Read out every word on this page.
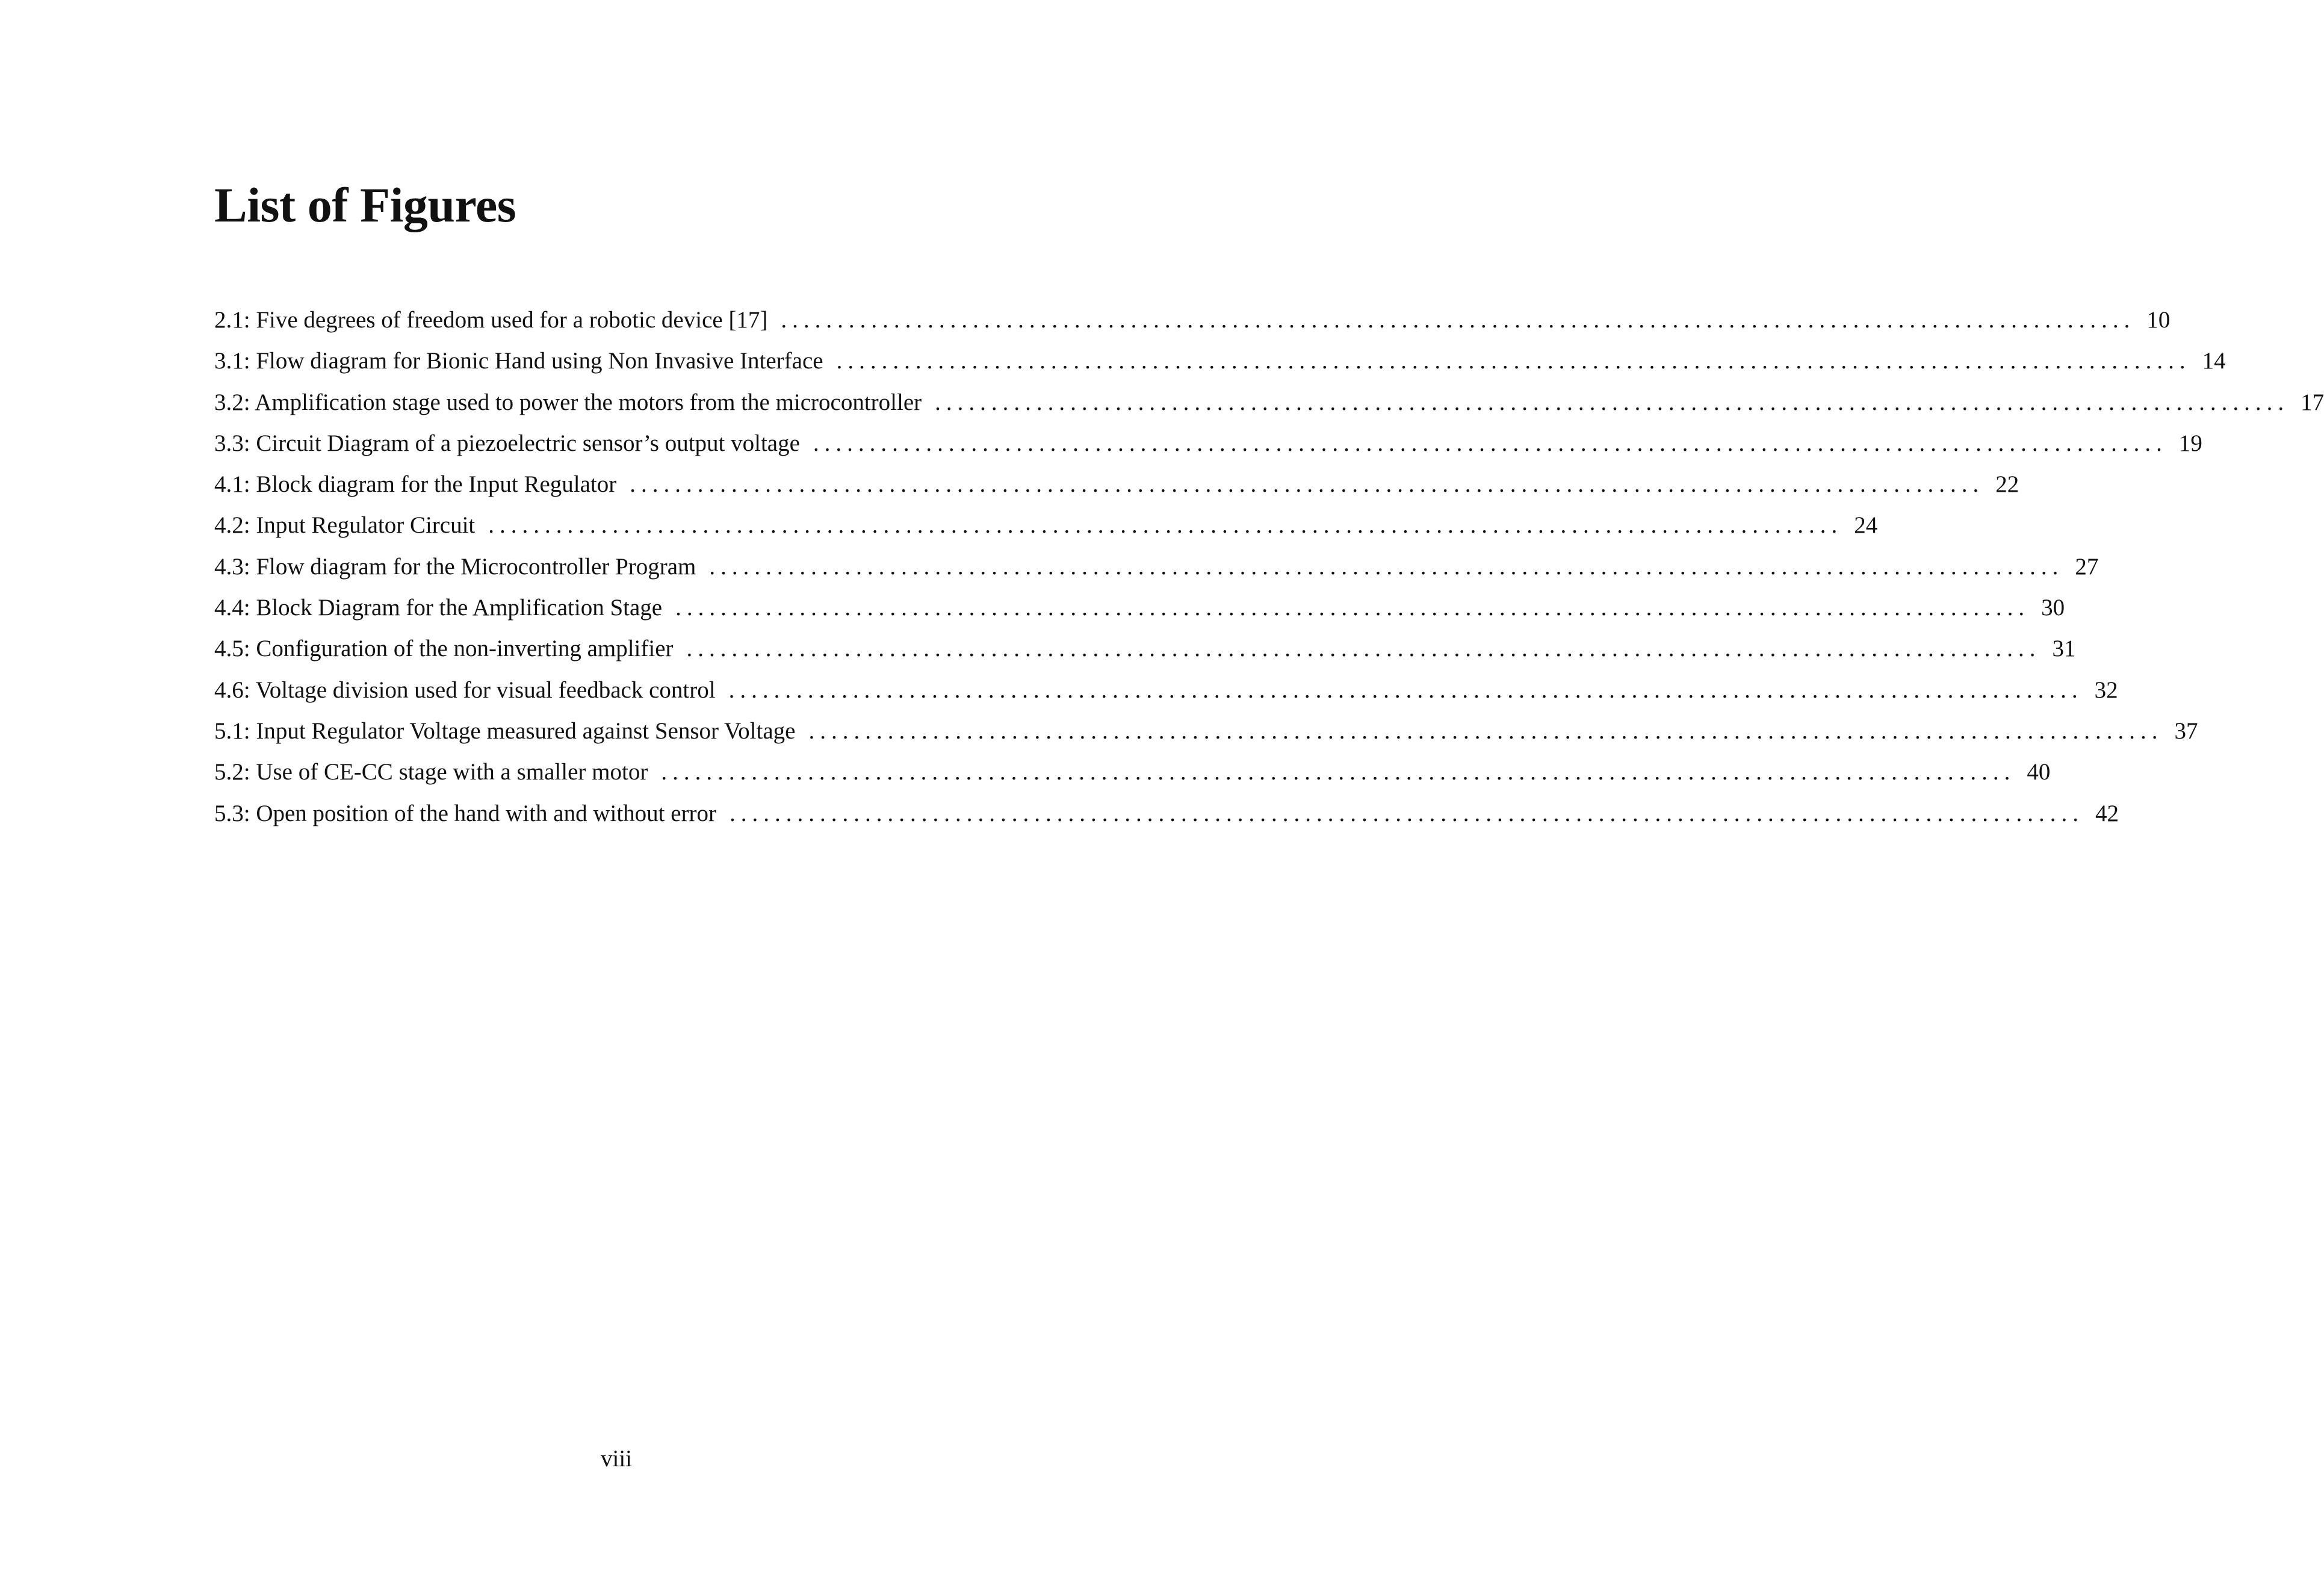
List of Figures
2.1: Five degrees of freedom used for a robotic device [17] ........................................................................................................................ 10
3.1: Flow diagram for Bionic Hand using Non Invasive Interface ........................................................................................................................ 14
3.2: Amplification stage used to power the motors from the microcontroller ........................................................................................................................ 17
3.3: Circuit Diagram of a piezoelectric sensor’s output voltage ........................................................................................................................ 19
4.1: Block diagram for the Input Regulator ........................................................................................................................ 22
4.2: Input Regulator Circuit ........................................................................................................................ 24
4.3: Flow diagram for the Microcontroller Program ........................................................................................................................ 27
4.4: Block Diagram for the Amplification Stage ........................................................................................................................ 30
4.5: Configuration of the non-inverting amplifier ........................................................................................................................ 31
4.6: Voltage division used for visual feedback control ........................................................................................................................ 32
5.1: Input Regulator Voltage measured against Sensor Voltage ........................................................................................................................ 37
5.2: Use of CE-CC stage with a smaller motor ........................................................................................................................ 40
5.3: Open position of the hand with and without error ........................................................................................................................ 42
viii
